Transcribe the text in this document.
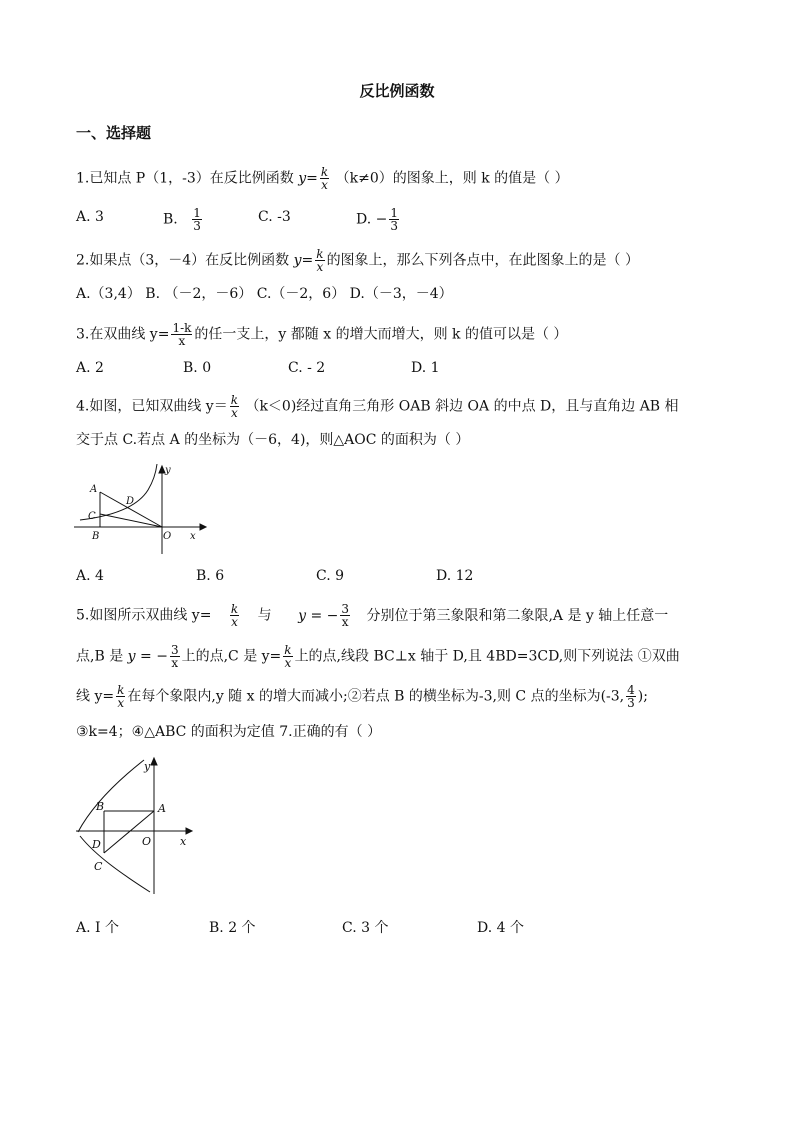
反比例函数
一、选择题
1.已知点 P（1，-3）在反比例函数 $y= \frac{k}{x} (k\ne 0)$的图象上，则 k 的值是（ ）
A. 3	B. $\frac{1}{3}$	C. -3	D. − $\frac{1}{3}$
2.如果点（3，－4）在反比例函数 $y= \frac{k}{x}$ 的图象上，那么下列各点中，在此图象上的是（ ）
A.（3,4） B. （－2，－6） C.（－2，6） D.（－3，－4）
3.在双曲线 $y= \frac{1-k}{x}$ 的任一支上，y 都随 x 的增大而增大，则 k 的值可以是（ ）
A. 2	B. 0	C. - 2	D. 1
4.如图，已知双曲线 $y= \frac{k}{x} (k<0)$经过直角三角形 OAB 斜边 OA 的中点 D，且与直角边 AB 相
交于点 C.若点 A 的坐标为（－6，4)，则△AOC 的面积为（ ）
y
A
D
C
B	O x
A. 4	B. 6	C. 9	D. 12
5.如图所示双曲线 $y= \frac{k}{x}$ 与 y = − $\frac{3}{x}$ 分别位于第三象限和第二象限,A 是 y 轴上任意一
点,B 是 y = − $\frac{3}{x}$ 上的点,C 是 $y= \frac{k}{x}$ 上的点,线段 BC⊥x 轴于 D,且 4BD=3CD,则下列说法 ①双曲
线 $y= \frac{k}{x}$ 在每个象限内,y 随 x 的增大而减小;②若点 B 的横坐标为-3,则 C 点的坐标为(-3, $\frac{4}{3}$ );
③k=4；④△ABC 的面积为定值 7.正确的有（ ）
y
B	A
D	O	x
C
A. I 个	B. 2 个	C. 3 个	D. 4 个
